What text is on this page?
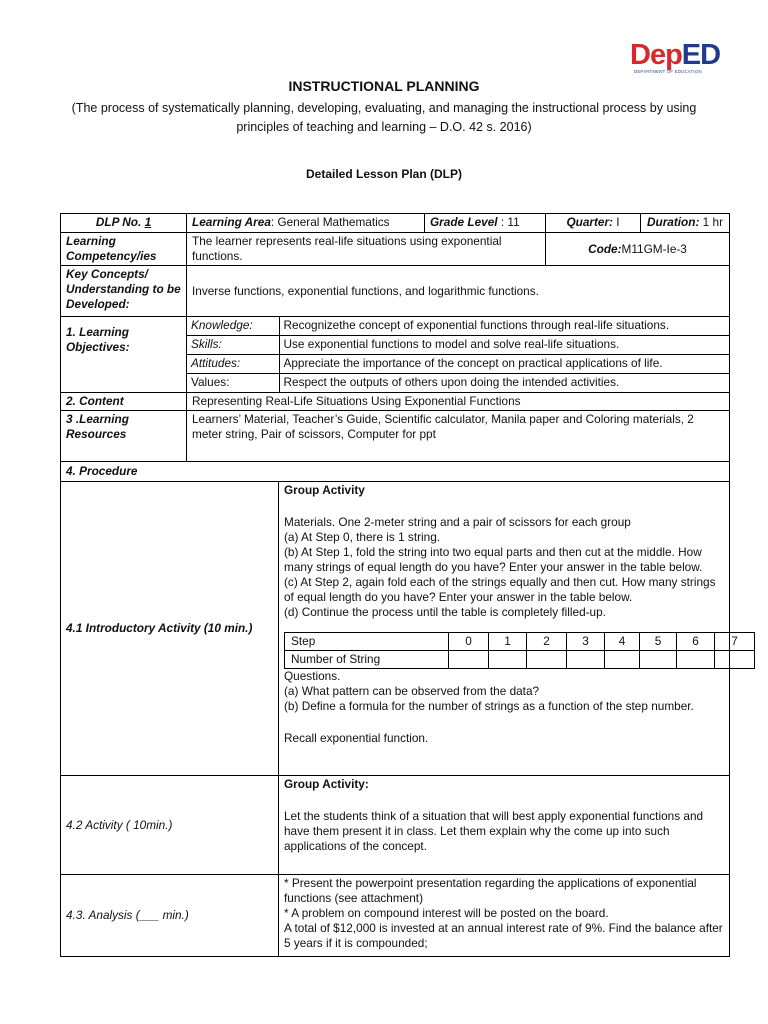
DepED
DEPARTMENT OF EDUCATION
INSTRUCTIONAL PLANNING
(The process of systematically planning, developing, evaluating, and managing the instructional process by using principles of teaching and learning – D.O. 42 s. 2016)
Detailed Lesson Plan (DLP)
DLP No. 1	Learning Area: General Mathematics	Grade Level : 11	Quarter: I	Duration: 1 hr
Learning Competency/ies	The learner represents real-life situations using exponential functions.	Code:M11GM-Ie-3
Key Concepts/ Understanding to be Developed:	Inverse functions, exponential functions, and logarithmic functions.
1. Learning Objectives:	
Knowledge:	Recognizethe concept of exponential functions through real-life situations.
Skills:	Use exponential functions to model and solve real-life situations.
Attitudes:	Appreciate the importance of the concept on practical applications of life.
Values:	Respect the outputs of others upon doing the intended activities.

2. Content	Representing Real-Life Situations Using Exponential Functions
3 .Learning Resources	Learners’ Material, Teacher’s Guide, Scientific calculator, Manila paper and Coloring materials, 2 meter string, Pair of scissors, Computer for ppt
4. Procedure
4.1 Introductory Activity (10 min.)	

Group Activity

Materials. One 2-meter string and a pair of scissors for each group

(a) At Step 0, there is 1 string.

(b) At Step 1, fold the string into two equal parts and then cut at the middle. How many strings of equal length do you have? Enter your answer in the table below.

(c) At Step 2, again fold each of the strings equally and then cut. How many strings of equal length do you have? Enter your answer in the table below.

(d) Continue the process until the table is completely filled-up.

Step	0	1	2	3	4	5	6	7
Number of String								

Questions.

(a) What pattern can be observed from the data?

(b) Define a formula for the number of strings as a function of the step number.

Recall exponential function.

4.2 Activity ( 10min.)	

Group Activity:

Let the students think of a situation that will best apply exponential functions and have them present it in class. Let them explain why the come up into such applications of the concept.

4.3. Analysis (___ min.)	

* Present the powerpoint presentation regarding the applications of exponential functions (see attachment)

* A problem on compound interest will be posted on the board.

A total of $12,000 is invested at an annual interest rate of 9%. Find the balance after 5 years if it is compounded;
